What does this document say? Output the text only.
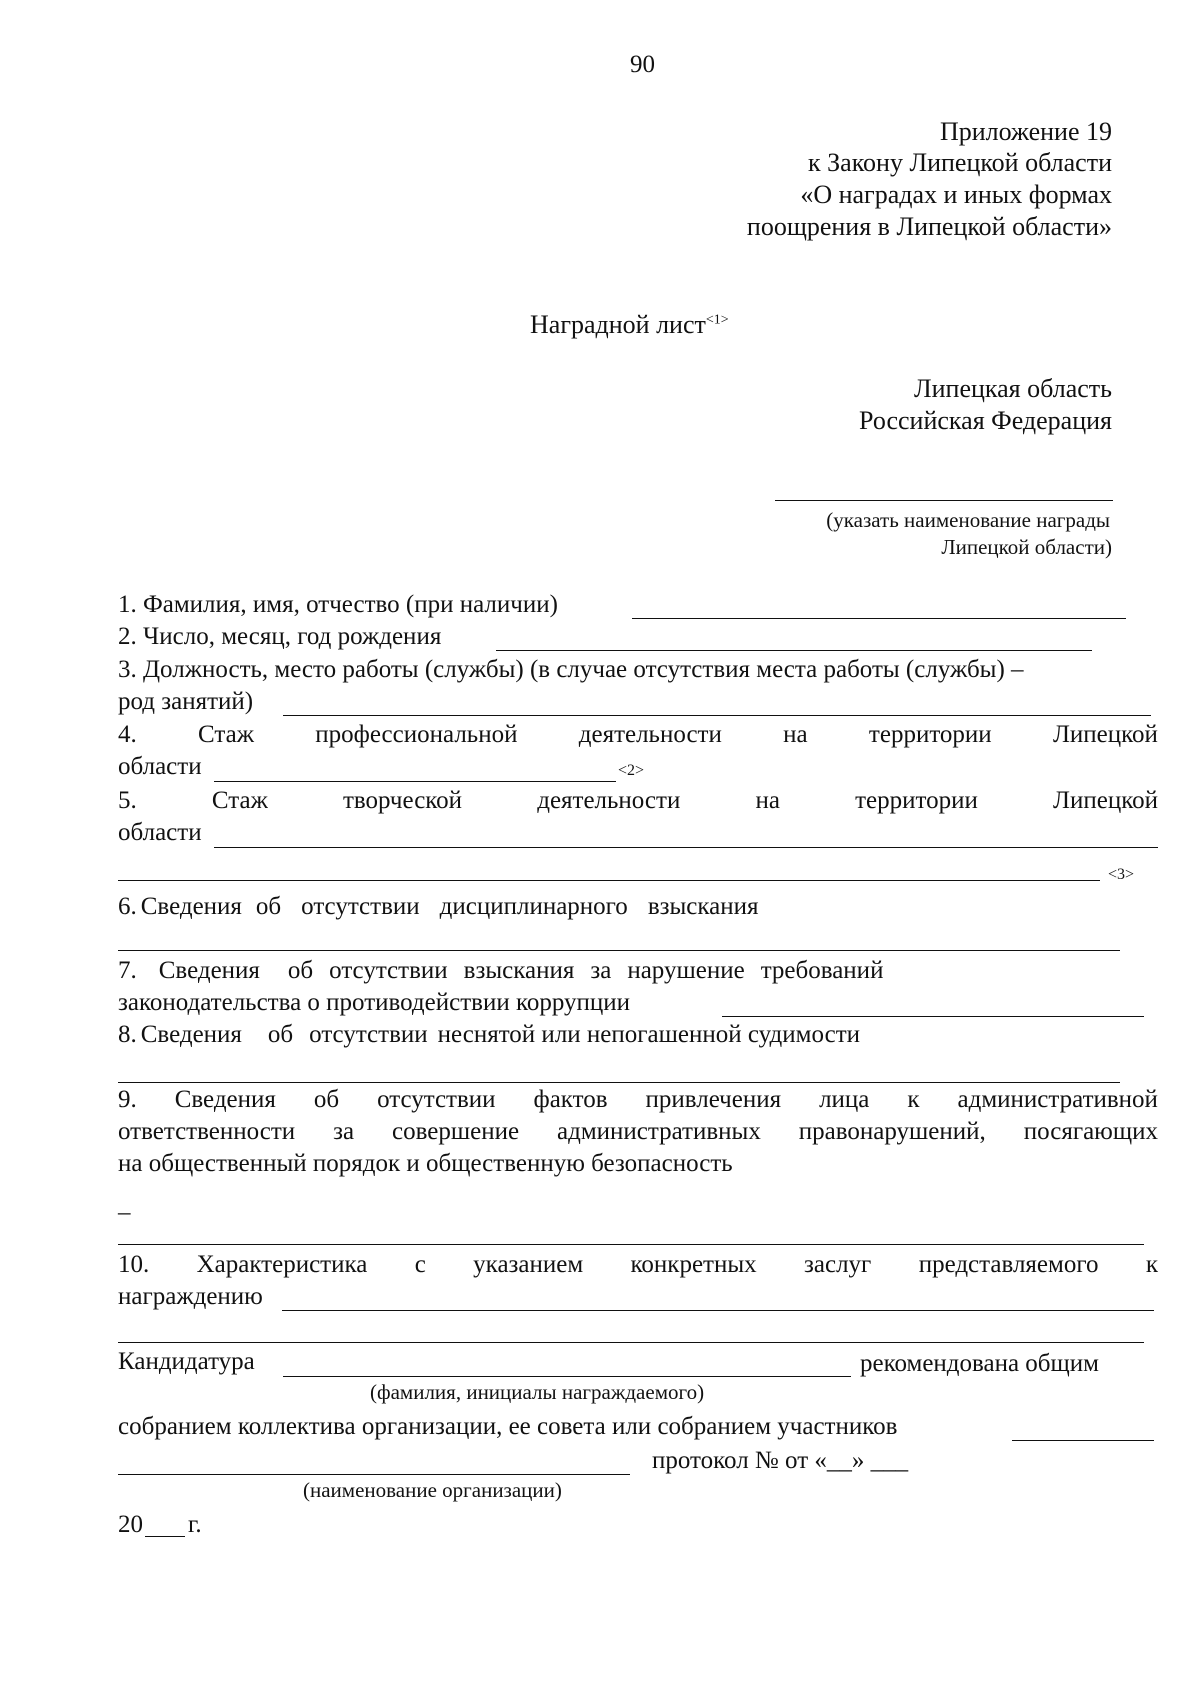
90
Приложение 19
к Закону Липецкой области
«О наградах и иных формах
поощрения в Липецкой области»
Наградной лист$^{<1>}$
Липецкая область
Российская Федерация
(указать наименование награды
Липецкой области)
1. Фамилия, имя, отчество (при наличии)
2. Число, месяц, год рождения
3. Должность, место работы (службы) (в случае отсутствия места работы (службы) –
род занятий)
4. Стаж профессиональной деятельности на территории Липецкой
области	<2>
5.	Стаж	творческой	деятельности	на	территории	Липецкой
области
<3>
6. Сведения об отсутствии дисциплинарного взыскания
7. Сведения об отсутствии взыскания за нарушение требований
законодательства о противодействии коррупции
8. Сведения об отсутствии неснятой или непогашенной судимости
9. Сведения об отсутствии фактов привлечения лица к административной
ответственности за совершение административных правонарушений, посягающих
на общественный порядок и общественную безопасность
–
10. Характеристика с указанием конкретных заслуг представляемого к
награждению
Кандидатура	рекомендована общим
(фамилия, инициалы награждаемого)
собранием коллектива организации, ее совета или собранием участников
протокол № от «__» ___
(наименование организации)
20 г.
